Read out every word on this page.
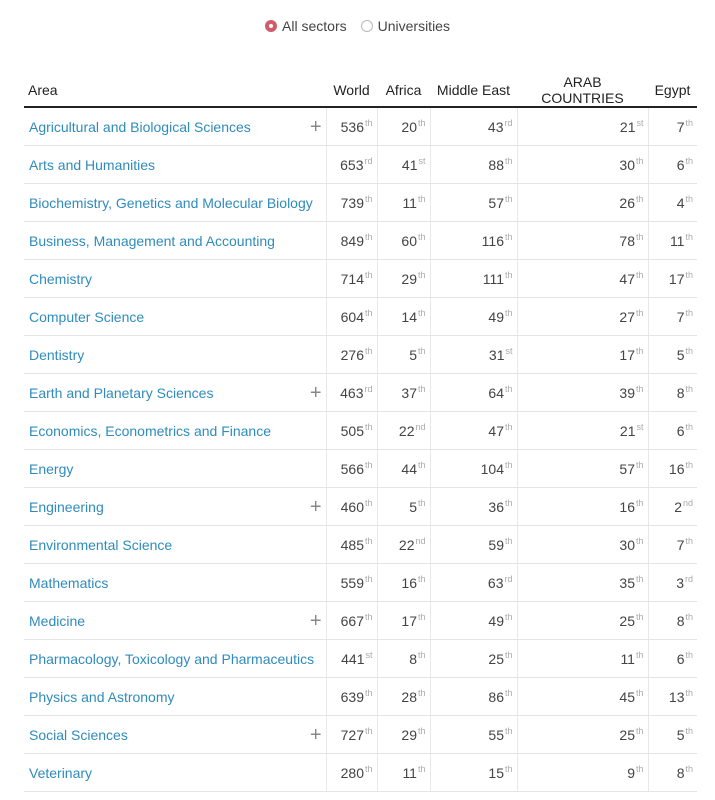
All sectors Universities
Area	World	Africa	Middle East	ARAB COUNTRIES	Egypt
Agricultural and Biological Sciences +	536th	20th	43rd	21st	7th
Arts and Humanities	653rd	41st	88th	30th	6th
Biochemistry, Genetics and Molecular Biology	739th	11th	57th	26th	4th
Business, Management and Accounting	849th	60th	116th	78th	11th
Chemistry	714th	29th	111th	47th	17th
Computer Science	604th	14th	49th	27th	7th
Dentistry	276th	5th	31st	17th	5th
Earth and Planetary Sciences +	463rd	37th	64th	39th	8th
Economics, Econometrics and Finance	505th	22nd	47th	21st	6th
Energy	566th	44th	104th	57th	16th
Engineering +	460th	5th	36th	16th	2nd
Environmental Science	485th	22nd	59th	30th	7th
Mathematics	559th	16th	63rd	35th	3rd
Medicine +	667th	17th	49th	25th	8th
Pharmacology, Toxicology and Pharmaceutics	441st	8th	25th	11th	6th
Physics and Astronomy	639th	28th	86th	45th	13th
Social Sciences +	727th	29th	55th	25th	5th
Veterinary	280th	11th	15th	9th	8th
